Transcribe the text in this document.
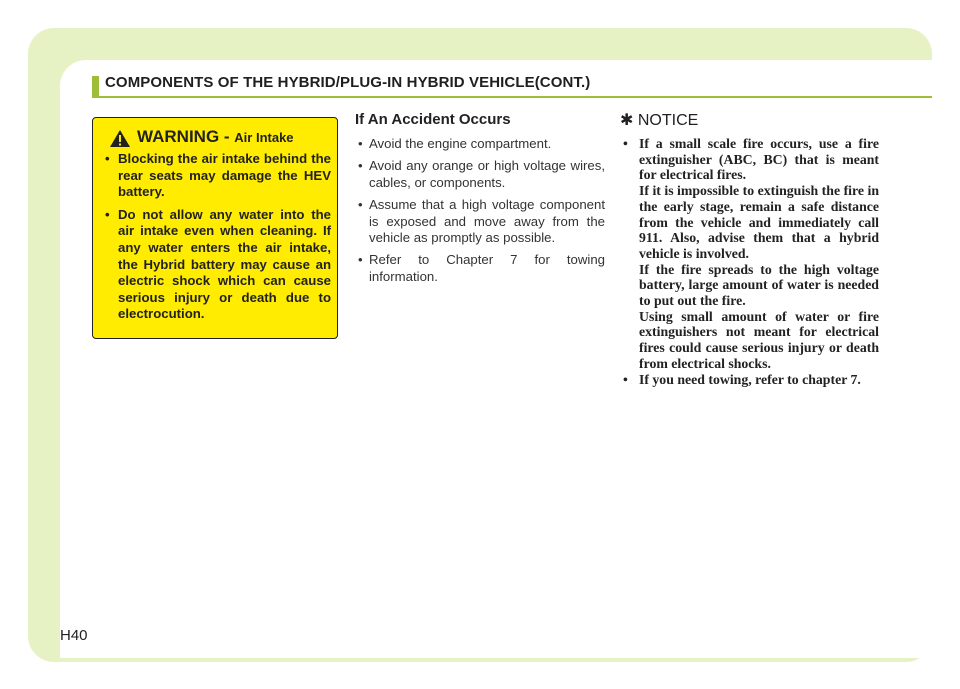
COMPONENTS OF THE HYBRID/PLUG-IN HYBRID VEHICLE(CONT.)
WARNING - Air Intake
• Blocking the air intake behind the rear seats may damage the HEV battery.
• Do not allow any water into the air intake even when cleaning. If any water enters the air intake, the Hybrid battery may cause an electric shock which can cause serious injury or death due to electrocution.
If An Accident Occurs
• Avoid the engine compartment.
• Avoid any orange or high voltage wires, cables, or components.
• Assume that a high voltage component is exposed and move away from the vehicle as promptly as possible.
• Refer to Chapter 7 for towing information.
✱ NOTICE
• If a small scale fire occurs, use a fire extinguisher (ABC, BC) that is meant for electrical fires.
If it is impossible to extinguish the fire in the early stage, remain a safe distance from the vehicle and immediately call 911. Also, advise them that a hybrid vehicle is involved.
If the fire spreads to the high voltage battery, large amount of water is needed to put out the fire.
Using small amount of water or fire extinguishers not meant for electrical fires could cause serious injury or death from electrical shocks.
• If you need towing, refer to chapter 7.
H40
